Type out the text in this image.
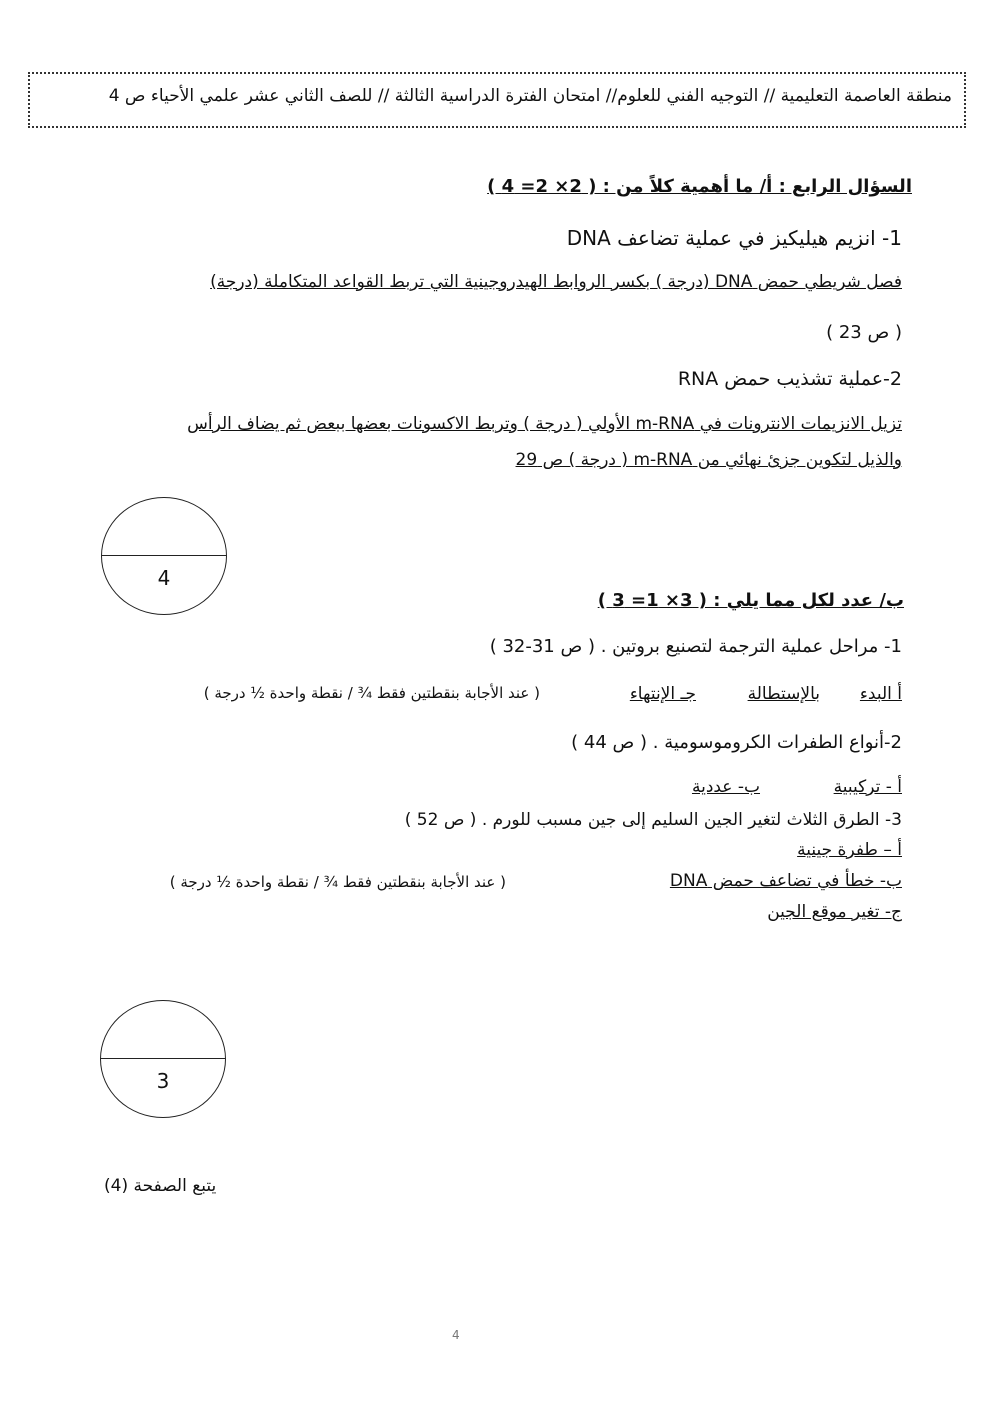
منطقة العاصمة التعليمية // التوجيه الفني للعلوم// امتحان الفترة الدراسية الثالثة // للصف الثاني عشر علمي الأحياء ص 4
السؤال الرابع : أ/ ما أهمية كلاً من : ( 2× 2= 4 )
1- انزيم هيليكيز في عملية تضاعف DNA
فصل شريطي حمض DNA (درجة ) بكسر الروابط الهيدروجينية التي تربط القواعد المتكاملة (درجة)
( ص 23 )
2-عملية تشذيب حمض RNA
تزيل الانزيمات الانترونات في m-RNA الأولي ( درجة ) وتربط الاكسونات بعضها ببعض ثم يضاف الرأس
والذيل لتكوين جزئ نهائي من m-RNA ( درجة ) ص 29
4
ب/ عدد لكل مما يلي : ( 3× 1= 3 )
1- مراحل عملية الترجمة لتصنيع بروتين . ( ص 31-32 )
أ البدء
بالإستطالة
جـ الإنتهاء
( عند الأجابة بنقطتين فقط ¾ / نقطة واحدة ½ درجة )
2-أنواع الطفرات الكروموسومية . ( ص 44 )
أ - تركيبية
ب- عددية
3- الطرق الثلاث لتغير الجين السليم إلى جين مسبب للورم . ( ص 52 )
أ – طفرة جينية
ب- خطأ في تضاعف حمض DNA
( عند الأجابة بنقطتين فقط ¾ / نقطة واحدة ½ درجة )
ج- تغير موقع الجين
3
يتبع الصفحة (4)
4
